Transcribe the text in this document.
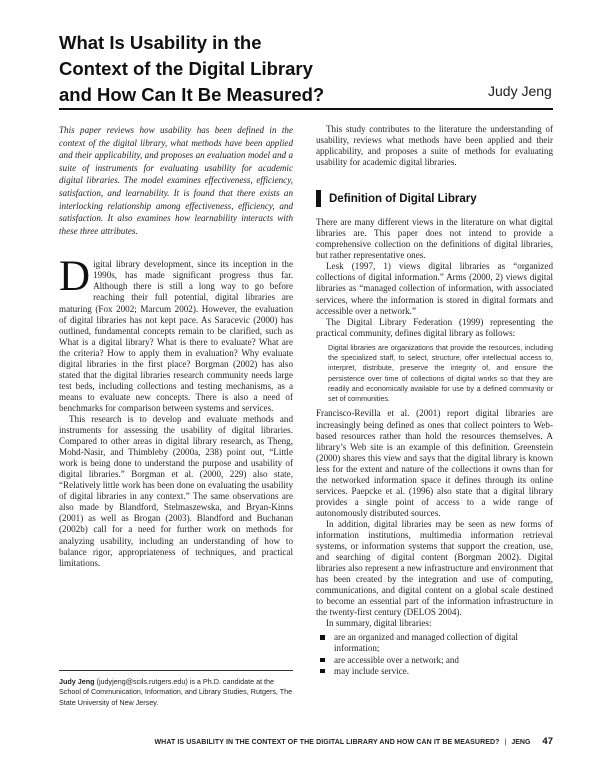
What Is Usability in the
Context of the Digital Library
and How Can It Be Measured?	Judy Jeng

This paper reviews how usability has been defined in the context of the digital library, what methods have been applied and their applicability, and proposes an evaluation model and a suite of instruments for evaluating usability for academic digital libraries. The model examines effectiveness, efficiency, satisfaction, and learnability. It is found that there exists an interlocking relationship among effectiveness, efficiency, and satisfaction. It also examines how learnability interacts with these three attributes.

Digital library development, since its inception in the 1990s, has made significant progress thus far. Although there is still a long way to go before reaching their full potential, digital libraries are maturing (Fox 2002; Marcum 2002). However, the evaluation of digital libraries has not kept pace. As Saracevic (2000) has outlined, fundamental concepts remain to be clarified, such as What is a digital library? What is there to evaluate? What are the criteria? How to apply them in evaluation? Why evaluate digital libraries in the first place? Borgman (2002) has also stated that the digital libraries research community needs large test beds, including collections and testing mechanisms, as a means to evaluate new concepts. There is also a need of benchmarks for comparison between systems and services.

This research is to develop and evaluate methods and instruments for assessing the usability of digital libraries. Compared to other areas in digital library research, as Theng, Mohd-Nasir, and Thimbleby (2000a, 238) point out, “Little work is being done to understand the purpose and usability of digital libraries.” Borgman et al. (2000, 229) also state, “Relatively little work has been done on evaluating the usability of digital libraries in any context.” The same observations are also made by Blandford, Stelmaszewska, and Bryan-Kinns (2001) as well as Brogan (2003). Blandford and Buchanan (2002b) call for a need for further work on methods for analyzing usability, including an understanding of how to balance rigor, appropriateness of techniques, and practical limitations.

This study contributes to the literature the understanding of usability, reviews what methods have been applied and their applicability, and proposes a suite of methods for evaluating usability for academic digital libraries.

Definition of Digital Library

There are many different views in the literature on what digital libraries are. This paper does not intend to provide a comprehensive collection on the definitions of digital libraries, but rather representative ones.

Lesk (1997, 1) views digital libraries as “organized collections of digital information.” Arms (2000, 2) views digital libraries as “managed collection of information, with associated services, where the information is stored in digital formats and accessible over a network.”

The Digital Library Federation (1999) representing the practical community, defines digital library as follows:

Digital libraries are organizations that provide the resources, including the specialized staff, to select, structure, offer intellectual access to, interpret, distribute, preserve the integrity of, and ensure the persistence over time of collections of digital works so that they are readily and economically available for use by a defined community or set of communities.

Francisco-Revilla et al. (2001) report digital libraries are increasingly being defined as ones that collect pointers to Web-based resources rather than hold the resources themselves. A library’s Web site is an example of this definition. Greenstein (2000) shares this view and says that the digital library is known less for the extent and nature of the collections it owns than for the networked information space it defines through its online services. Paepcke et al. (1996) also state that a digital library provides a single point of access to a wide range of autonomously distributed sources.

In addition, digital libraries may be seen as new forms of information institutions, multimedia information retrieval systems, or information systems that support the creation, use, and searching of digital content (Borgman 2002). Digital libraries also represent a new infrastructure and environment that has been created by the integration and use of computing, communications, and digital content on a global scale destined to become an essential part of the information infrastructure in the twenty-first century (DELOS 2004).

In summary, digital libraries:

are an organized and managed collection of digital information;
are accessible over a network; and
may include service.

Judy Jeng (judyjeng@scils.rutgers.edu) is a Ph.D. candidate at the School of Communication, Information, and Library Studies, Rutgers, The State University of New Jersey.

WHAT IS USABILITY IN THE CONTEXT OF THE DIGITAL LIBRARY AND HOW CAN IT BE MEASURED? | JENG 47
